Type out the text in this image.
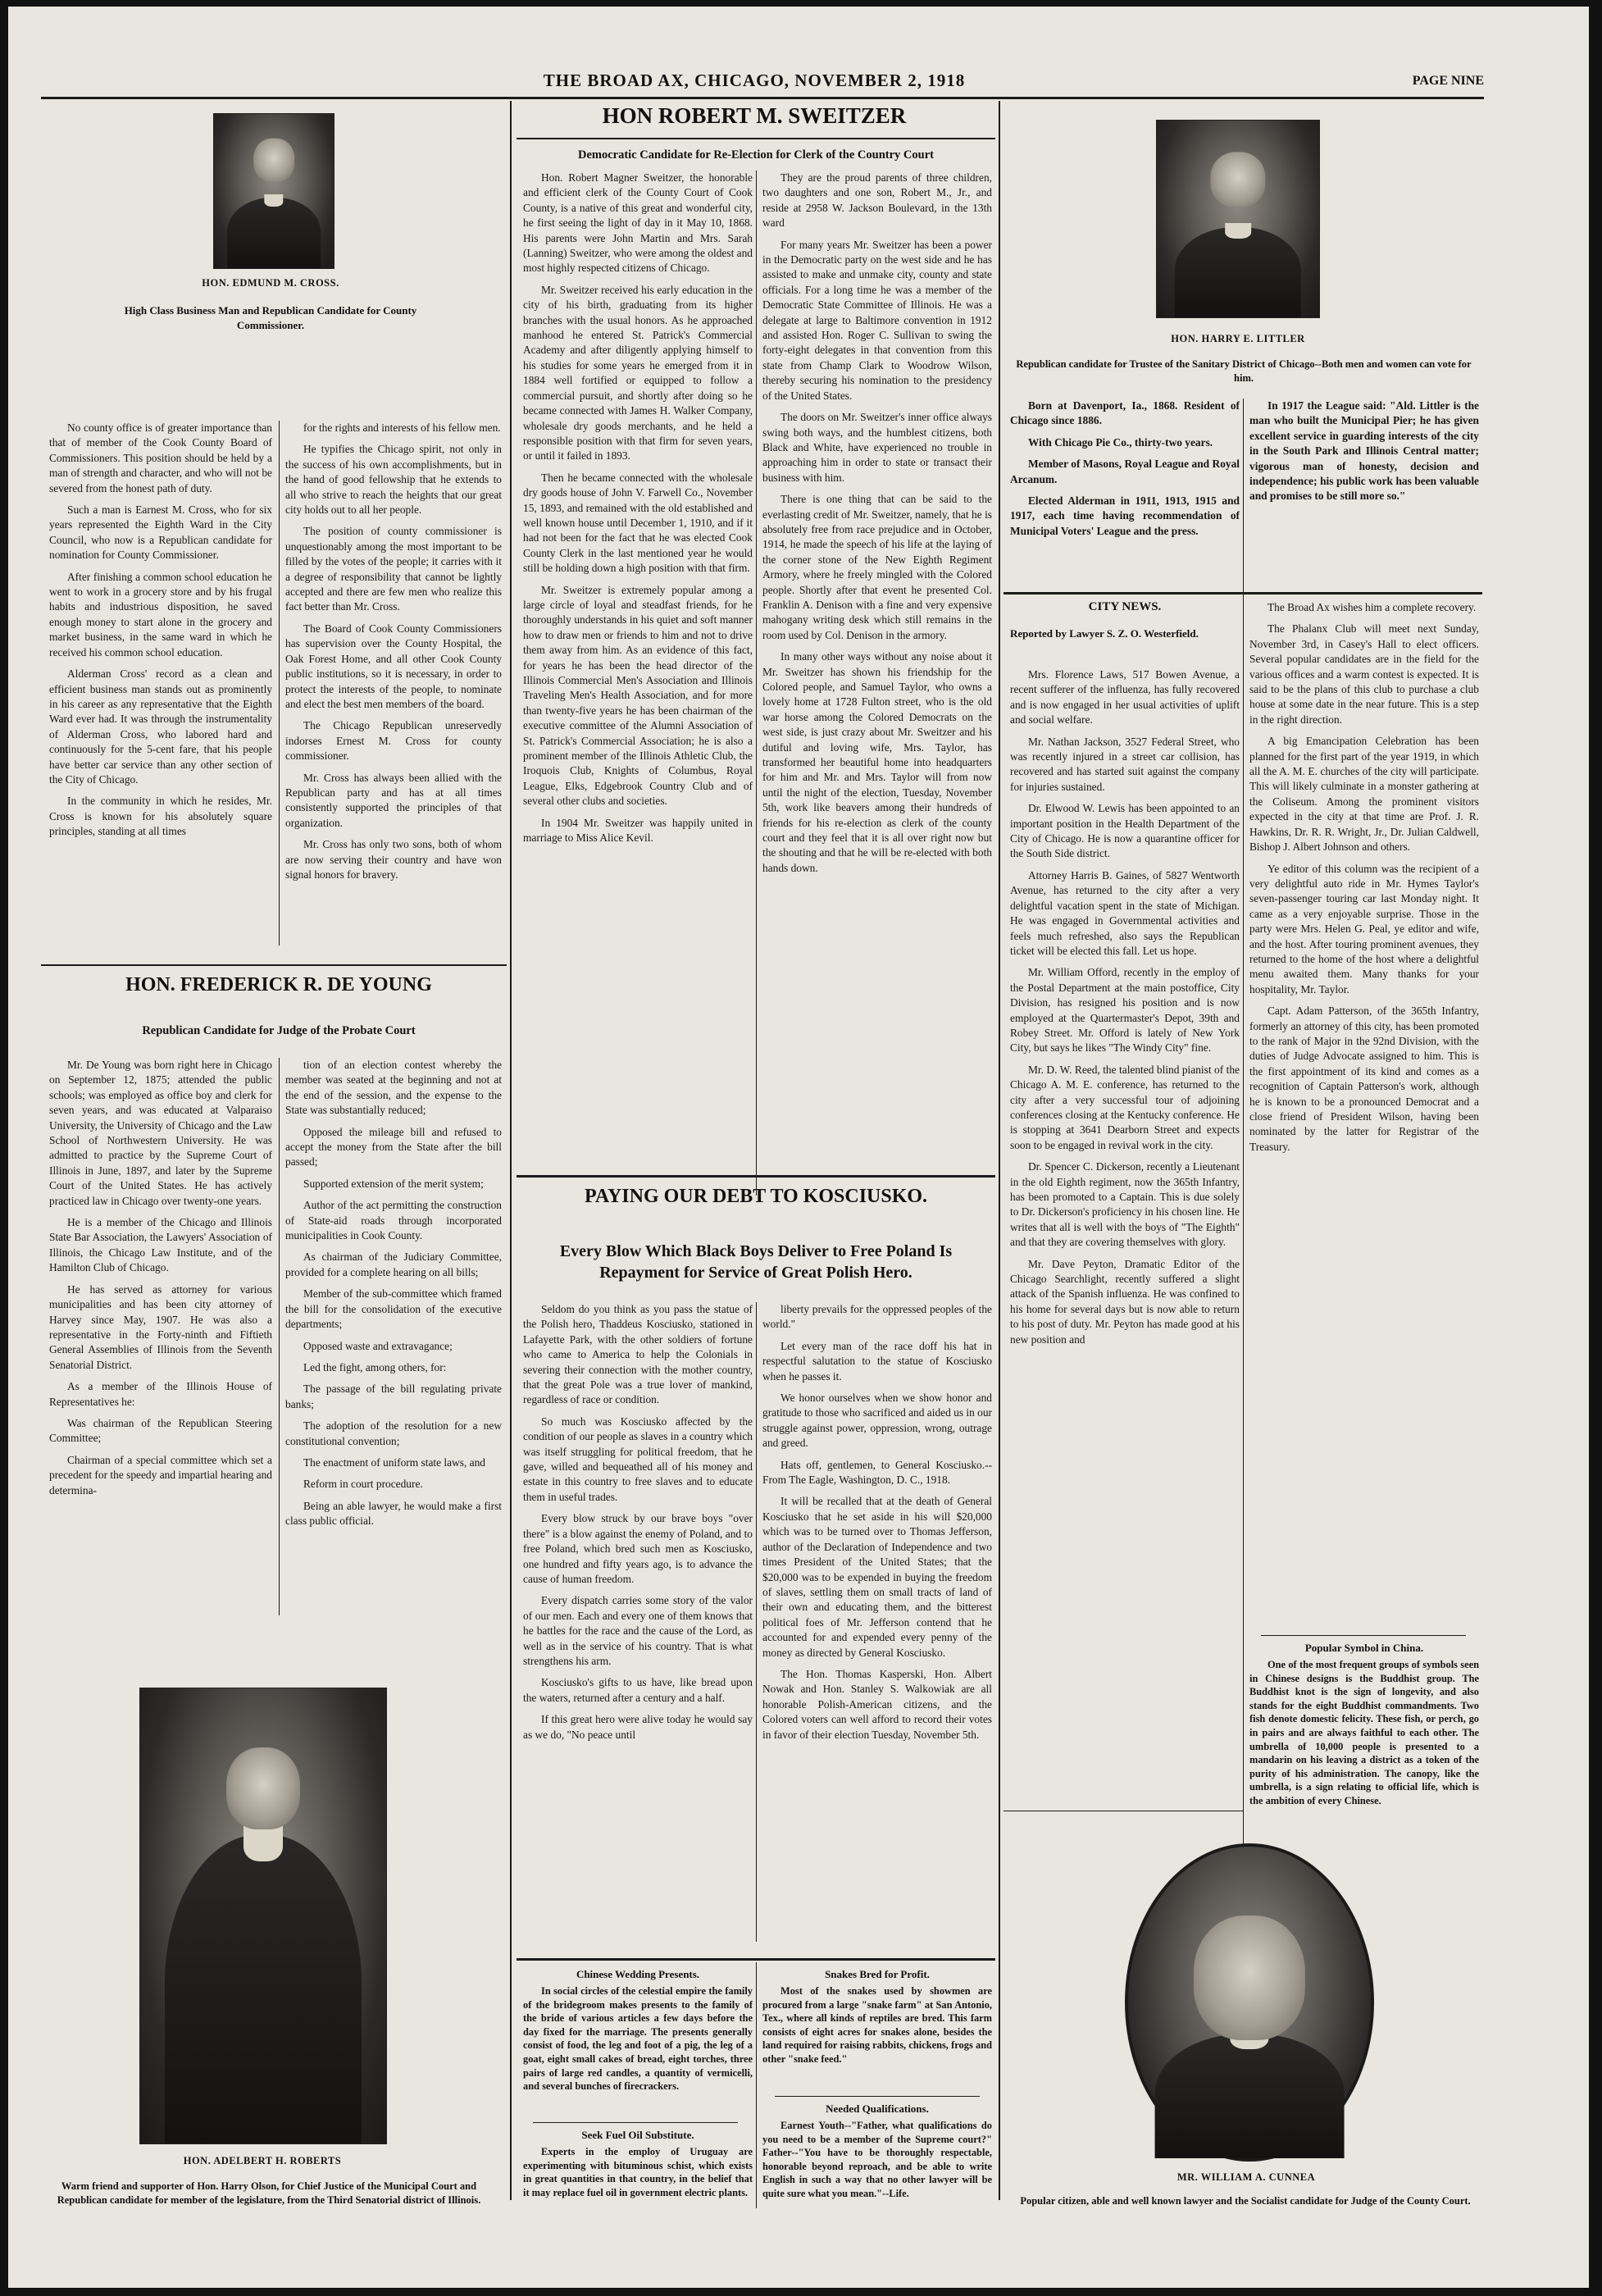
THE BROAD AX, CHICAGO, NOVEMBER 2, 1918	PAGE NINE
HON. EDMUND M. CROSS.
High Class Business Man and Republican Candidate for County Commissioner.

No county office is of greater importance than that of member of the Cook County Board of Commissioners. This position should be held by a man of strength and character, and who will not be severed from the honest path of duty.

Such a man is Earnest M. Cross, who for six years represented the Eighth Ward in the City Council, who now is a Republican candidate for nomination for County Commissioner.

After finishing a common school education he went to work in a grocery store and by his frugal habits and industrious disposition, he saved enough money to start alone in the grocery and market business, in the same ward in which he received his common school education.

Alderman Cross' record as a clean and efficient business man stands out as prominently in his career as any representative that the Eighth Ward ever had. It was through the instrumentality of Alderman Cross, who labored hard and continuously for the 5-cent fare, that his people have better car service than any other section of the City of Chicago.

In the community in which he resides, Mr. Cross is known for his absolutely square principles, standing at all times

for the rights and interests of his fellow men.

He typifies the Chicago spirit, not only in the success of his own accomplishments, but in the hand of good fellowship that he extends to all who strive to reach the heights that our great city holds out to all her people.

The position of county commissioner is unquestionably among the most important to be filled by the votes of the people; it carries with it a degree of responsibility that cannot be lightly accepted and there are few men who realize this fact better than Mr. Cross.

The Board of Cook County Commissioners has supervision over the County Hospital, the Oak Forest Home, and all other Cook County public institutions, so it is necessary, in order to protect the interests of the people, to nominate and elect the best men members of the board.

The Chicago Republican unreservedly indorses Ernest M. Cross for county commissioner.

Mr. Cross has always been allied with the Republican party and has at all times consistently supported the principles of that organization.

Mr. Cross has only two sons, both of whom are now serving their country and have won signal honors for bravery.

HON. FREDERICK R. DE YOUNG
Republican Candidate for Judge of the Probate Court

Mr. De Young was born right here in Chicago on September 12, 1875; attended the public schools; was employed as office boy and clerk for seven years, and was educated at Valparaiso University, the University of Chicago and the Law School of Northwestern University. He was admitted to practice by the Supreme Court of Illinois in June, 1897, and later by the Supreme Court of the United States. He has actively practiced law in Chicago over twenty-one years.

He is a member of the Chicago and Illinois State Bar Association, the Lawyers' Association of Illinois, the Chicago Law Institute, and of the Hamilton Club of Chicago.

He has served as attorney for various municipalities and has been city attorney of Harvey since May, 1907. He was also a representative in the Forty-ninth and Fiftieth General Assemblies of Illinois from the Seventh Senatorial District.

As a member of the Illinois House of Representatives he:

Was chairman of the Republican Steering Committee;

Chairman of a special committee which set a precedent for the speedy and impartial hearing and determina-

tion of an election contest whereby the member was seated at the beginning and not at the end of the session, and the expense to the State was substantially reduced;

Opposed the mileage bill and refused to accept the money from the State after the bill passed;

Supported extension of the merit system;

Author of the act permitting the construction of State-aid roads through incorporated municipalities in Cook County.

As chairman of the Judiciary Committee, provided for a complete hearing on all bills;

Member of the sub-committee which framed the bill for the consolidation of the executive departments;

Opposed waste and extravagance;

Led the fight, among others, for:

The passage of the bill regulating private banks;

The adoption of the resolution for a new constitutional convention;

The enactment of uniform state laws, and

Reform in court procedure.

Being an able lawyer, he would make a first class public official.

HON. ADELBERT H. ROBERTS
Warm friend and supporter of Hon. Harry Olson, for Chief Justice of the Municipal Court and Republican candidate for member of the legislature, from the Third Senatorial district of Illinois.
HON ROBERT M. SWEITZER
Democratic Candidate for Re-Election for Clerk of the Country Court

Hon. Robert Magner Sweitzer, the honorable and efficient clerk of the County Court of Cook County, is a native of this great and wonderful city, he first seeing the light of day in it May 10, 1868. His parents were John Martin and Mrs. Sarah (Lanning) Sweitzer, who were among the oldest and most highly respected citizens of Chicago.

Mr. Sweitzer received his early education in the city of his birth, graduating from its higher branches with the usual honors. As he approached manhood he entered St. Patrick's Commercial Academy and after diligently applying himself to his studies for some years he emerged from it in 1884 well fortified or equipped to follow a commercial pursuit, and shortly after doing so he became connected with James H. Walker Company, wholesale dry goods merchants, and he held a responsible position with that firm for seven years, or until it failed in 1893.

Then he became connected with the wholesale dry goods house of John V. Farwell Co., November 15, 1893, and remained with the old established and well known house until December 1, 1910, and if it had not been for the fact that he was elected Cook County Clerk in the last mentioned year he would still be holding down a high position with that firm.

Mr. Sweitzer is extremely popular among a large circle of loyal and steadfast friends, for he thoroughly understands in his quiet and soft manner how to draw men or friends to him and not to drive them away from him. As an evidence of this fact, for years he has been the head director of the Illinois Commercial Men's Association and Illinois Traveling Men's Health Association, and for more than twenty-five years he has been chairman of the executive committee of the Alumni Association of St. Patrick's Commercial Association; he is also a prominent member of the Illinois Athletic Club, the Iroquois Club, Knights of Columbus, Royal League, Elks, Edgebrook Country Club and of several other clubs and societies.

In 1904 Mr. Sweitzer was happily united in marriage to Miss Alice Kevil.

They are the proud parents of three children, two daughters and one son, Robert M., Jr., and reside at 2958 W. Jackson Boulevard, in the 13th ward

For many years Mr. Sweitzer has been a power in the Democratic party on the west side and he has assisted to make and unmake city, county and state officials. For a long time he was a member of the Democratic State Committee of Illinois. He was a delegate at large to Baltimore convention in 1912 and assisted Hon. Roger C. Sullivan to swing the forty-eight delegates in that convention from this state from Champ Clark to Woodrow Wilson, thereby securing his nomination to the presidency of the United States.

The doors on Mr. Sweitzer's inner office always swing both ways, and the humblest citizens, both Black and White, have experienced no trouble in approaching him in order to state or transact their business with him.

There is one thing that can be said to the everlasting credit of Mr. Sweitzer, namely, that he is absolutely free from race prejudice and in October, 1914, he made the speech of his life at the laying of the corner stone of the New Eighth Regiment Armory, where he freely mingled with the Colored people. Shortly after that event he presented Col. Franklin A. Denison with a fine and very expensive mahogany writing desk which still remains in the room used by Col. Denison in the armory.

In many other ways without any noise about it Mr. Sweitzer has shown his friendship for the Colored people, and Samuel Taylor, who owns a lovely home at 1728 Fulton street, who is the old war horse among the Colored Democrats on the west side, is just crazy about Mr. Sweitzer and his dutiful and loving wife, Mrs. Taylor, has transformed her beautiful home into headquarters for him and Mr. and Mrs. Taylor will from now until the night of the election, Tuesday, November 5th, work like beavers among their hundreds of friends for his re-election as clerk of the county court and they feel that it is all over right now but the shouting and that he will be re-elected with both hands down.

PAYING OUR DEBT TO KOSCIUSKO.
Every Blow Which Black Boys Deliver to Free Poland Is Repayment for Service of Great Polish Hero.

Seldom do you think as you pass the statue of the Polish hero, Thaddeus Kosciusko, stationed in Lafayette Park, with the other soldiers of fortune who came to America to help the Colonials in severing their connection with the mother country, that the great Pole was a true lover of mankind, regardless of race or condition.

So much was Kosciusko affected by the condition of our people as slaves in a country which was itself struggling for political freedom, that he gave, willed and bequeathed all of his money and estate in this country to free slaves and to educate them in useful trades.

Every blow struck by our brave boys "over there" is a blow against the enemy of Poland, and to free Poland, which bred such men as Kosciusko, one hundred and fifty years ago, is to advance the cause of human freedom.

Every dispatch carries some story of the valor of our men. Each and every one of them knows that he battles for the race and the cause of the Lord, as well as in the service of his country. That is what strengthens his arm.

Kosciusko's gifts to us have, like bread upon the waters, returned after a century and a half.

If this great hero were alive today he would say as we do, "No peace until

liberty prevails for the oppressed peoples of the world."

Let every man of the race doff his hat in respectful salutation to the statue of Kosciusko when he passes it.

We honor ourselves when we show honor and gratitude to those who sacrificed and aided us in our struggle against power, oppression, wrong, outrage and greed.

Hats off, gentlemen, to General Kosciusko.--From The Eagle, Washington, D. C., 1918.

It will be recalled that at the death of General Kosciusko that he set aside in his will $20,000 which was to be turned over to Thomas Jefferson, author of the Declaration of Independence and two times President of the United States; that the $20,000 was to be expended in buying the freedom of slaves, settling them on small tracts of land of their own and educating them, and the bitterest political foes of Mr. Jefferson contend that he accounted for and expended every penny of the money as directed by General Kosciusko.

The Hon. Thomas Kasperski, Hon. Albert Nowak and Hon. Stanley S. Walkowiak are all honorable Polish-American citizens, and the Colored voters can well afford to record their votes in favor of their election Tuesday, November 5th.

Chinese Wedding Presents.

In social circles of the celestial empire the family of the bridegroom makes presents to the family of the bride of various articles a few days before the day fixed for the marriage. The presents generally consist of food, the leg and foot of a pig, the leg of a goat, eight small cakes of bread, eight torches, three pairs of large red candles, a quantity of vermicelli, and several bunches of firecrackers.

Seek Fuel Oil Substitute.

Experts in the employ of Uruguay are experimenting with bituminous schist, which exists in great quantities in that country, in the belief that it may replace fuel oil in government electric plants.

Snakes Bred for Profit.

Most of the snakes used by showmen are procured from a large "snake farm" at San Antonio, Tex., where all kinds of reptiles are bred. This farm consists of eight acres for snakes alone, besides the land required for raising rabbits, chickens, frogs and other "snake feed."

Needed Qualifications.

Earnest Youth--"Father, what qualifications do you need to be a member of the Supreme court?" Father--"You have to be thoroughly respectable, honorable beyond reproach, and be able to write English in such a way that no other lawyer will be quite sure what you mean."--Life.

HON. HARRY E. LITTLER
Republican candidate for Trustee of the Sanitary District of Chicago--Both men and women can vote for him.

Born at Davenport, Ia., 1868. Resident of Chicago since 1886.

With Chicago Pie Co., thirty-two years.

Member of Masons, Royal League and Royal Arcanum.

Elected Alderman in 1911, 1913, 1915 and 1917, each time having recommendation of Municipal Voters' League and the press.

In 1917 the League said: "Ald. Littler is the man who built the Municipal Pier; he has given excellent service in guarding interests of the city in the South Park and Illinois Central matter; vigorous man of honesty, decision and independence; his public work has been valuable and promises to be still more so."

CITY NEWS.
Reported by Lawyer S. Z. O. Westerfield.

Mrs. Florence Laws, 517 Bowen Avenue, a recent sufferer of the influenza, has fully recovered and is now engaged in her usual activities of uplift and social welfare.

Mr. Nathan Jackson, 3527 Federal Street, who was recently injured in a street car collision, has recovered and has started suit against the company for injuries sustained.

Dr. Elwood W. Lewis has been appointed to an important position in the Health Department of the City of Chicago. He is now a quarantine officer for the South Side district.

Attorney Harris B. Gaines, of 5827 Wentworth Avenue, has returned to the city after a very delightful vacation spent in the state of Michigan. He was engaged in Governmental activities and feels much refreshed, also says the Republican ticket will be elected this fall. Let us hope.

Mr. William Offord, recently in the employ of the Postal Department at the main postoffice, City Division, has resigned his position and is now employed at the Quartermaster's Depot, 39th and Robey Street. Mr. Offord is lately of New York City, but says he likes "The Windy City" fine.

Mr. D. W. Reed, the talented blind pianist of the Chicago A. M. E. conference, has returned to the city after a very successful tour of adjoining conferences closing at the Kentucky conference. He is stopping at 3641 Dearborn Street and expects soon to be engaged in revival work in the city.

Dr. Spencer C. Dickerson, recently a Lieutenant in the old Eighth regiment, now the 365th Infantry, has been promoted to a Captain. This is due solely to Dr. Dickerson's proficiency in his chosen line. He writes that all is well with the boys of "The Eighth" and that they are covering themselves with glory.

Mr. Dave Peyton, Dramatic Editor of the Chicago Searchlight, recently suffered a slight attack of the Spanish influenza. He was confined to his home for several days but is now able to return to his post of duty. Mr. Peyton has made good at his new position and

The Broad Ax wishes him a complete recovery.

The Phalanx Club will meet next Sunday, November 3rd, in Casey's Hall to elect officers. Several popular candidates are in the field for the various offices and a warm contest is expected. It is said to be the plans of this club to purchase a club house at some date in the near future. This is a step in the right direction.

A big Emancipation Celebration has been planned for the first part of the year 1919, in which all the A. M. E. churches of the city will participate. This will likely culminate in a monster gathering at the Coliseum. Among the prominent visitors expected in the city at that time are Prof. J. R. Hawkins, Dr. R. R. Wright, Jr., Dr. Julian Caldwell, Bishop J. Albert Johnson and others.

Ye editor of this column was the recipient of a very delightful auto ride in Mr. Hymes Taylor's seven-passenger touring car last Monday night. It came as a very enjoyable surprise. Those in the party were Mrs. Helen G. Peal, ye editor and wife, and the host. After touring prominent avenues, they returned to the home of the host where a delightful menu awaited them. Many thanks for your hospitality, Mr. Taylor.

Capt. Adam Patterson, of the 365th Infantry, formerly an attorney of this city, has been promoted to the rank of Major in the 92nd Division, with the duties of Judge Advocate assigned to him. This is the first appointment of its kind and comes as a recognition of Captain Patterson's work, although he is known to be a pronounced Democrat and a close friend of President Wilson, having been nominated by the latter for Registrar of the Treasury.

Popular Symbol in China.

One of the most frequent groups of symbols seen in Chinese designs is the Buddhist group. The Buddhist knot is the sign of longevity, and also stands for the eight Buddhist commandments. Two fish denote domestic felicity. These fish, or perch, go in pairs and are always faithful to each other. The umbrella of 10,000 people is presented to a mandarin on his leaving a district as a token of the purity of his administration. The canopy, like the umbrella, is a sign relating to official life, which is the ambition of every Chinese.

MR. WILLIAM A. CUNNEA
Popular citizen, able and well known lawyer and the Socialist candidate for Judge of the County Court.
